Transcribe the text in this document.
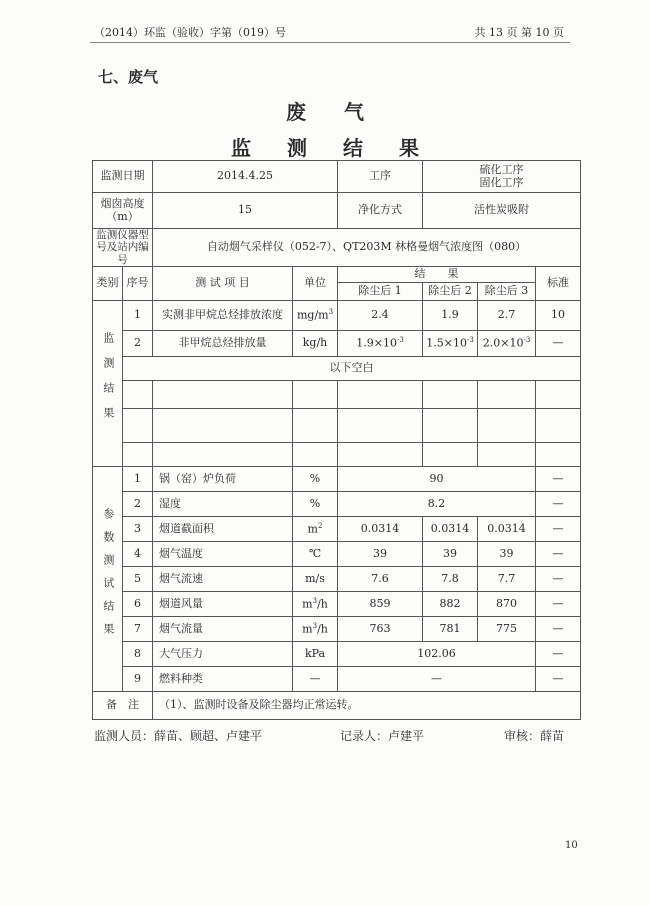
（2014）环监（验收）字第（019）号	共 13 页 第 10 页
七、废气
废气
监测结果
监测日期		2014.4.25		工序	硫化工序
固化工序		

烟囱高度（m）		15		净化方式	活性炭吸附		
监测仪器型号及站内编号		自动烟气采样仪（052-7）、QT203M 林格曼烟气浓度图（080）					
类别	序号	测 试 项 目	单位	结　　果			标准
				除尘后 1	除尘后 2	除尘后 3	
监测结果	1	实测非甲烷总烃排放浓度	$mg/m^3$	2.4	1.9	2.7	10
	2	非甲烷总烃排放量	kg/h	$1.9\times 10^{-3}$	$1.5\times 10^{-3}$	$2.0\times 10^{-3}$	—
	以下空白						

参数测试结果	1	锅（窑）炉负荷	%	90			—
	2	湿度	%	8.2			—
	3	烟道截面积	$m^2$	0.0314	0.0314	0.0314	—
	4	烟气温度	℃	39	39	39	—
	5	烟气流速	m/s	7.6	7.8	7.7	—
	6	烟道风量	$m^3/h$	859	882	870	—
	7	烟气流量	$m^3/h$	763	781	775	—
	8	大气压力	kPa	102.06			—
	9	燃料种类	—	—			—
备　注		（1）、监测时设备及除尘器均正常运转。					
监测人员：薛苗、顾超、卢建平	记录人：卢建平	审核：薛苗
10
